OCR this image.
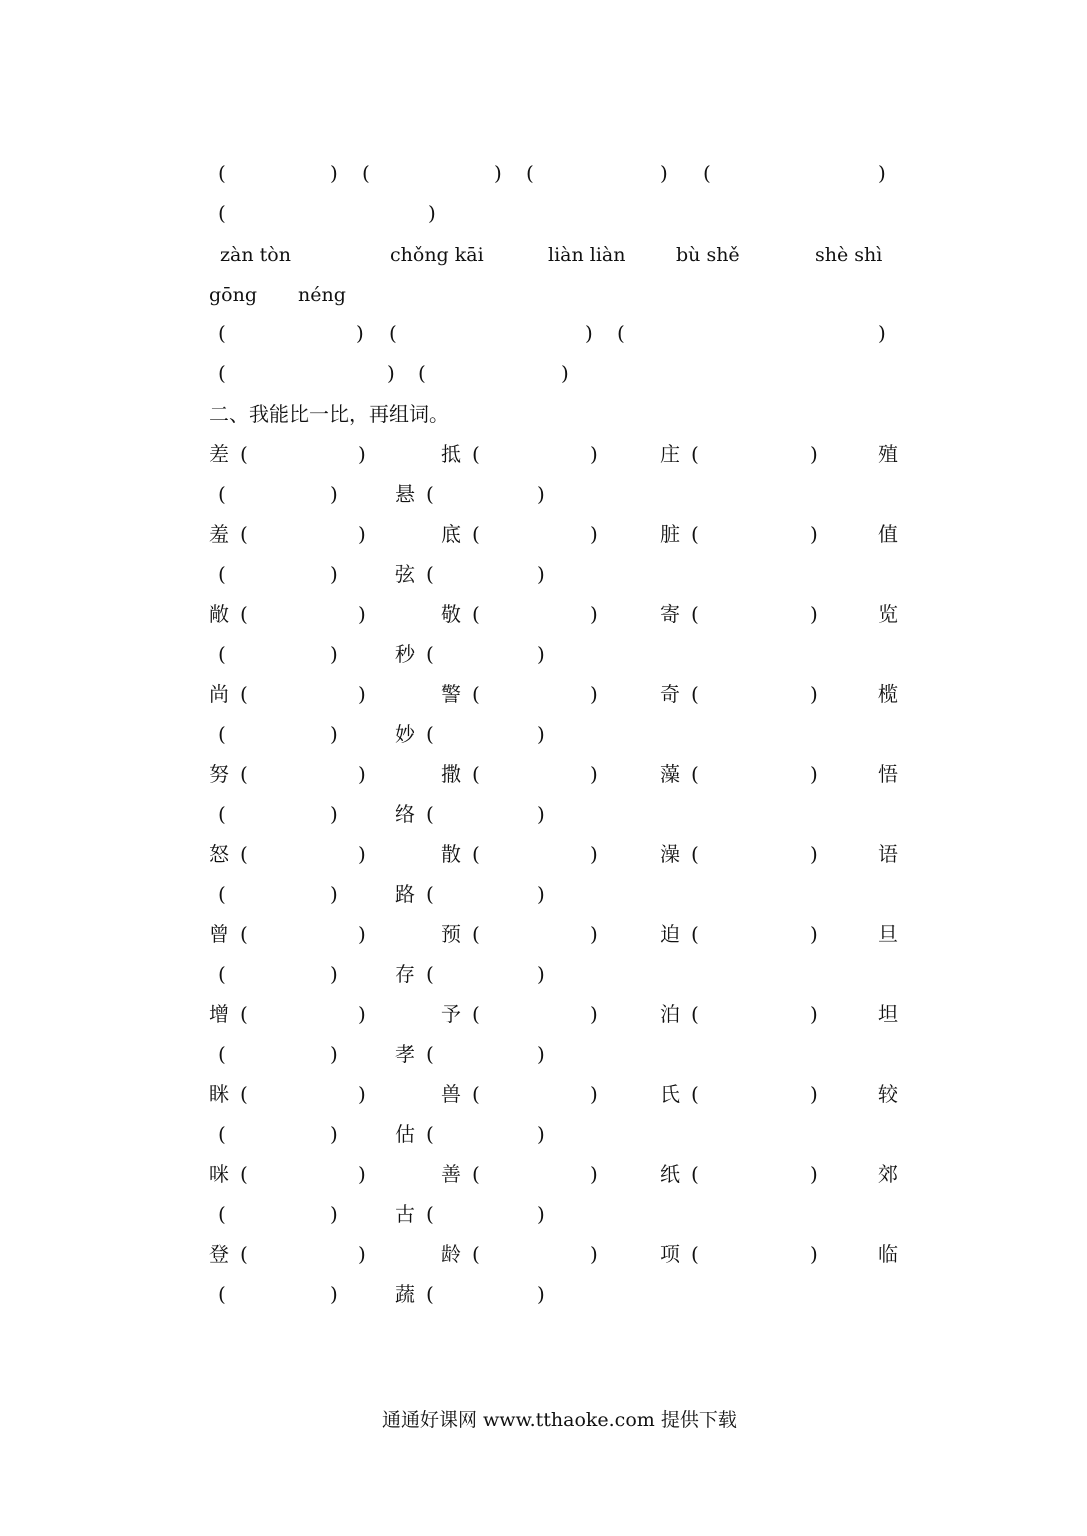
(	) (	) (	) (	)
(	)
zàn tòn	chǒng kāi	liàn liàn	bù shě	shè shì
gōng néng
(	) (	) (	)
(	) (	)
二、我能比一比，再组词。
差 (	)	抵 (	)	庄 (	)	殖
(	)	悬 (	)
羞 (	)	底 (	)	脏 (	)	值
(	)	弦 (	)
敞 (	)	敬 (	)	寄 (	)	览
(	)	秒 (	)
尚 (	)	警 (	)	奇 (	)	榄
(	)	妙 (	)
努 (	)	撒 (	)	藻 (	)	悟
(	)	络 (	)
怒 (	)	散 (	)	澡 (	)	语
(	)	路 (	)
曾 (	)	预 (	)	迫 (	)	旦
(	)	存 (	)
增 (	)	予 (	)	泊 (	)	坦
(	)	孝 (	)
眯 (	)	兽 (	)	氏 (	)	较
(	)	估 (	)
咪 (	)	善 (	)	纸 (	)	郊
(	)	古 (	)
登 (	)	龄 (	)	项 (	)	临
(	)	蔬 (	)
通通好课网 www.tthaoke.com 提供下载
